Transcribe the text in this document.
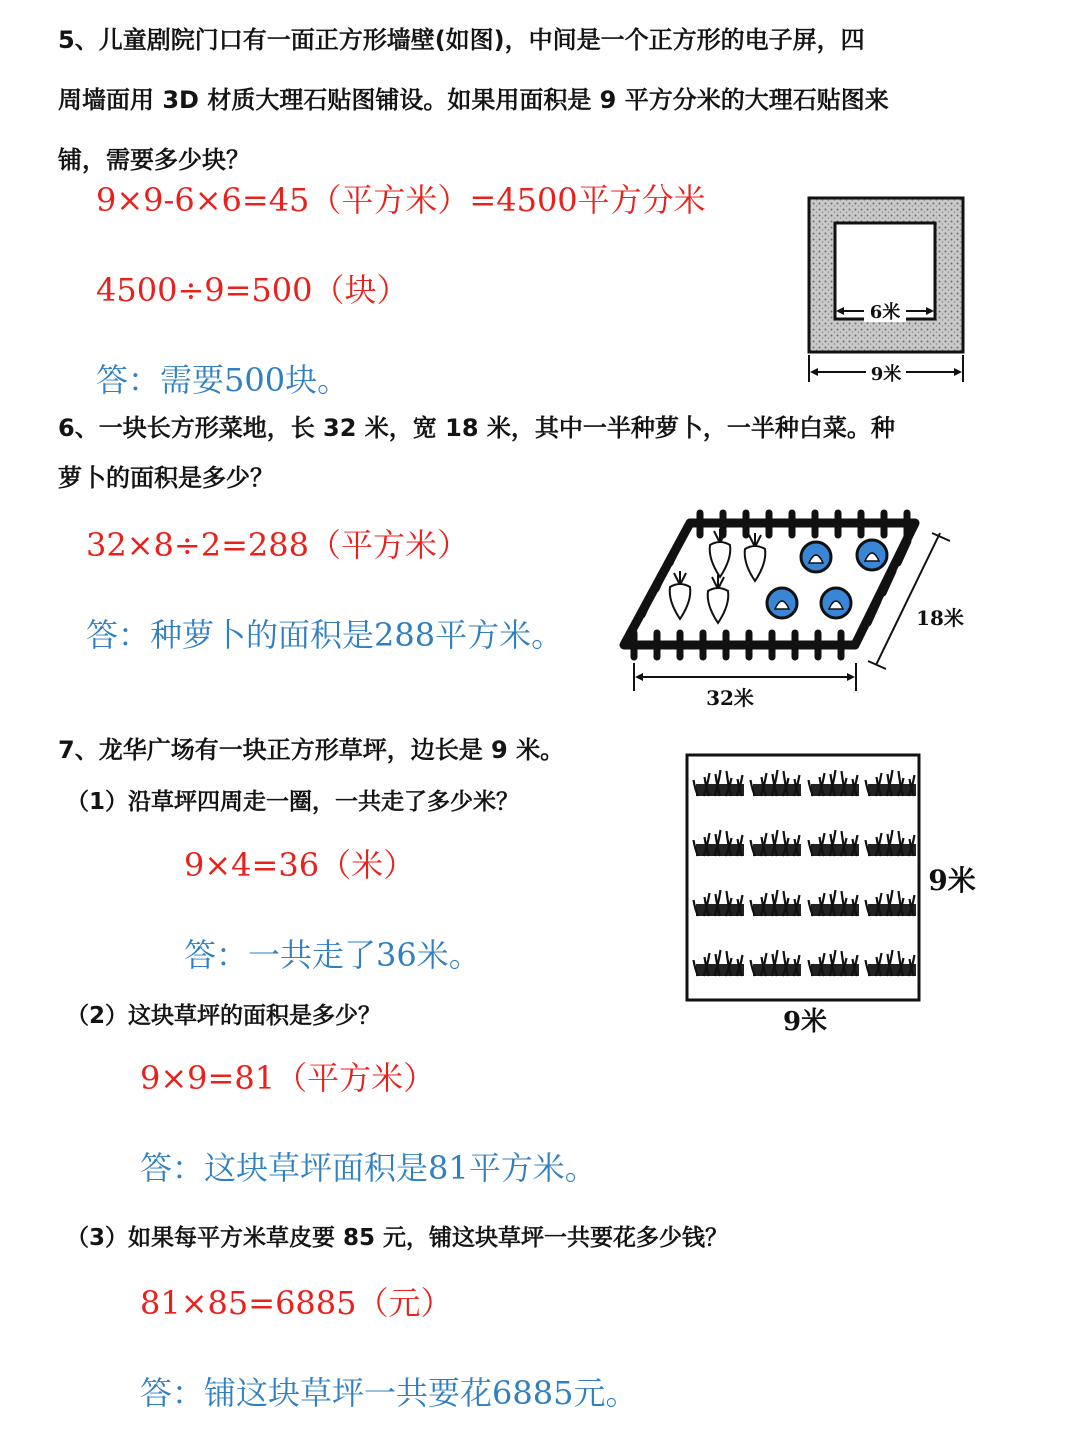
5、儿童剧院门口有一面正方形墙壁(如图)，中间是一个正方形的电子屏，四
周墙面用 3D 材质大理石贴图铺设。如果用面积是 9 平方分米的大理石贴图来
铺，需要多少块？
9×9-6×6=45（平方米）=4500平方分米
4500÷9=500（块）
答：需要500块。
6米
9米
6、一块长方形菜地，长 32 米，宽 18 米，其中一半种萝卜，一半种白菜。种
萝卜的面积是多少？
32×8÷2=288（平方米）
答：种萝卜的面积是288平方米。
32米
18米
7、龙华广场有一块正方形草坪，边长是 9 米。
（1）沿草坪四周走一圈，一共走了多少米？
9×4=36（米）
答：一共走了36米。
（2）这块草坪的面积是多少？
9×9=81（平方米）
答：这块草坪面积是81平方米。
（3）如果每平方米草皮要 85 元，铺这块草坪一共要花多少钱？
81×85=6885（元）
答：铺这块草坪一共要花6885元。
9米
9米
